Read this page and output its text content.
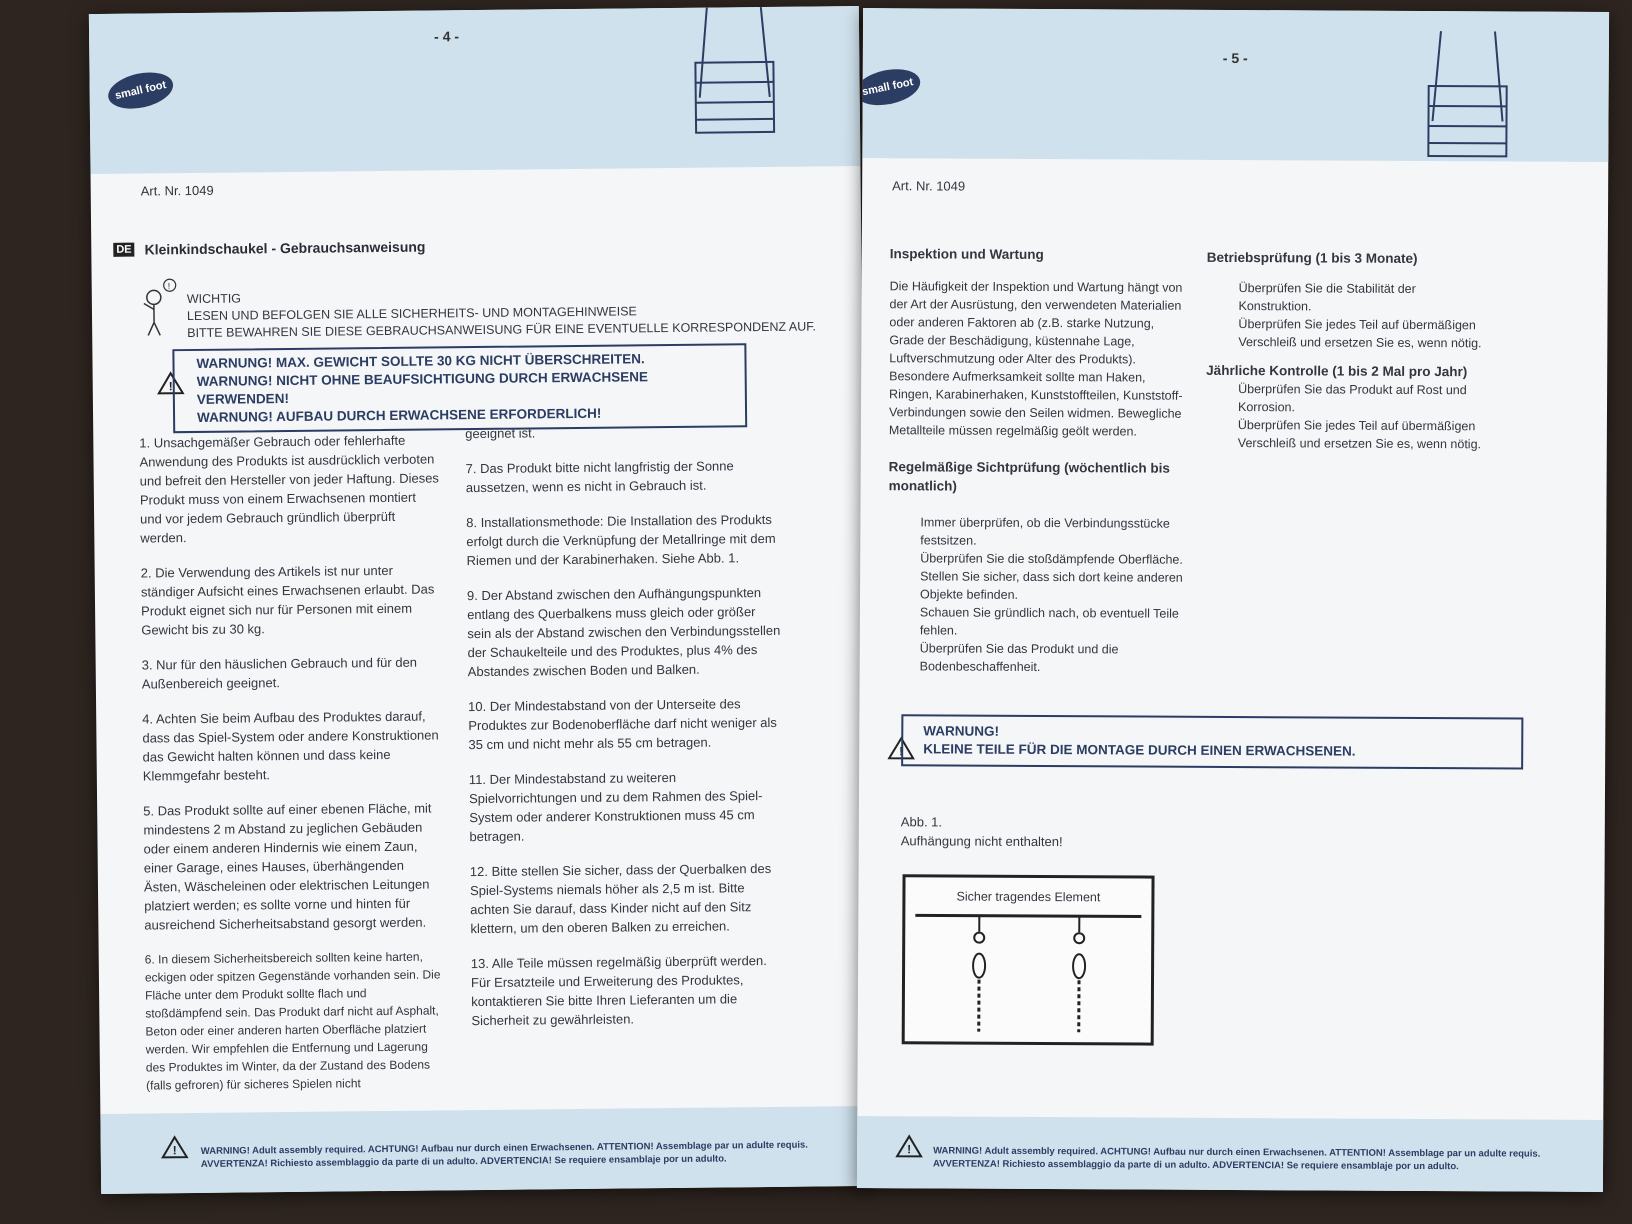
- 4 -
small foot
Art. Nr. 1049
DE Kleinkindschaukel - Gebrauchsanweisung
!
WICHTIG
LESEN UND BEFOLGEN SIE ALLE SICHERHEITS- UND MONTAGEHINWEISE
BITTE BEWAHREN SIE DIESE GEBRAUCHSANWEISUNG FÜR EINE EVENTUELLE KORRESPONDENZ AUF.
!
WARNUNG! MAX. GEWICHT SOLLTE 30 KG NICHT ÜBERSCHREITEN.
WARNUNG! NICHT OHNE BEAUFSICHTIGUNG DURCH ERWACHSENE VERWENDEN!
WARNUNG! AUFBAU DURCH ERWACHSENE ERFORDERLICH!

1. Unsachgemäßer Gebrauch oder fehlerhafte Anwendung des Produkts ist ausdrücklich verboten und befreit den Hersteller von jeder Haftung. Dieses Produkt muss von einem Erwachsenen montiert und vor jedem Gebrauch gründlich überprüft werden.

2. Die Verwendung des Artikels ist nur unter ständiger Aufsicht eines Erwachsenen erlaubt. Das Produkt eignet sich nur für Personen mit einem Gewicht bis zu 30 kg.

3. Nur für den häuslichen Gebrauch und für den Außenbereich geeignet.

4. Achten Sie beim Aufbau des Produktes darauf, dass das Spiel-System oder andere Konstruktionen das Gewicht halten können und dass keine Klemmgefahr besteht.

5. Das Produkt sollte auf einer ebenen Fläche, mit mindestens 2 m Abstand zu jeglichen Gebäuden oder einem anderen Hindernis wie einem Zaun, einer Garage, eines Hauses, überhängenden Ästen, Wäscheleinen oder elektrischen Leitungen platziert werden; es sollte vorne und hinten für ausreichend Sicherheitsabstand gesorgt werden.

6. In diesem Sicherheitsbereich sollten keine harten, eckigen oder spitzen Gegenstände vorhanden sein. Die Fläche unter dem Produkt sollte flach und stoßdämpfend sein. Das Produkt darf nicht auf Asphalt, Beton oder einer anderen harten Oberfläche platziert werden. Wir empfehlen die Entfernung und Lagerung des Produktes im Winter, da der Zustand des Bodens (falls gefroren) für sicheres Spielen nicht

geeignet ist.

7. Das Produkt bitte nicht langfristig der Sonne aussetzen, wenn es nicht in Gebrauch ist.

8. Installationsmethode: Die Installation des Produkts erfolgt durch die Verknüpfung der Metallringe mit dem Riemen und der Karabinerhaken. Siehe Abb. 1.

9. Der Abstand zwischen den Aufhängungspunkten entlang des Querbalkens muss gleich oder größer sein als der Abstand zwischen den Verbindungsstellen der Schaukelteile und des Produktes, plus 4% des Abstandes zwischen Boden und Balken.

10. Der Mindestabstand von der Unterseite des Produktes zur Bodenoberfläche darf nicht weniger als 35 cm und nicht mehr als 55 cm betragen.

11. Der Mindestabstand zu weiteren Spielvorrichtungen und zu dem Rahmen des Spiel-System oder anderer Konstruktionen muss 45 cm betragen.

12. Bitte stellen Sie sicher, dass der Querbalken des Spiel-Systems niemals höher als 2,5 m ist. Bitte achten Sie darauf, dass Kinder nicht auf den Sitz klettern, um den oberen Balken zu erreichen.

13. Alle Teile müssen regelmäßig überprüft werden. Für Ersatzteile und Erweiterung des Produktes, kontaktieren Sie bitte Ihren Lieferanten um die Sicherheit zu gewährleisten.

!	WARNING! Adult assembly required. ACHTUNG! Aufbau nur durch einen Erwachsenen. ATTENTION! Assemblage par un adulte requis.
AVVERTENZA! Richiesto assemblaggio da parte di un adulto. ADVERTENCIA! Se requiere ensamblaje por un adulto.
- 5 -
small foot
Art. Nr. 1049
Inspektion und Wartung
Die Häufigkeit der Inspektion und Wartung hängt von der Art der Ausrüstung, den verwendeten Materialien oder anderen Faktoren ab (z.B. starke Nutzung, Grade der Beschädigung, küstennahe Lage, Luftverschmutzung oder Alter des Produkts). Besondere Aufmerksamkeit sollte man Haken, Ringen, Karabinerhaken, Kunststoffteilen, Kunststoff-Verbindungen sowie den Seilen widmen. Bewegliche Metallteile müssen regelmäßig geölt werden.
Regelmäßige Sichtprüfung (wöchentlich bis monatlich)
Immer überprüfen, ob die Verbindungsstücke festsitzen.
Überprüfen Sie die stoßdämpfende Oberfläche.
Stellen Sie sicher, dass sich dort keine anderen Objekte befinden.
Schauen Sie gründlich nach, ob eventuell Teile fehlen.
Überprüfen Sie das Produkt und die Bodenbeschaffenheit.
Betriebsprüfung (1 bis 3 Monate)
Überprüfen Sie die Stabilität der Konstruktion.
Überprüfen Sie jedes Teil auf übermäßigen Verschleiß und ersetzen Sie es, wenn nötig.
Jährliche Kontrolle (1 bis 2 Mal pro Jahr)
Überprüfen Sie das Produkt auf Rost und Korrosion.
Überprüfen Sie jedes Teil auf übermäßigen Verschleiß und ersetzen Sie es, wenn nötig.
!
WARNUNG!
KLEINE TEILE FÜR DIE MONTAGE DURCH EINEN ERWACHSENEN.
Abb. 1.
Aufhängung nicht enthalten!
Sicher tragendes Element
! WARNING! Adult assembly required. ACHTUNG! Aufbau nur durch einen Erwachsenen. ATTENTION! Assemblage par un adulte requis.
AVVERTENZA! Richiesto assemblaggio da parte di un adulto. ADVERTENCIA! Se requiere ensamblaje por un adulto.
